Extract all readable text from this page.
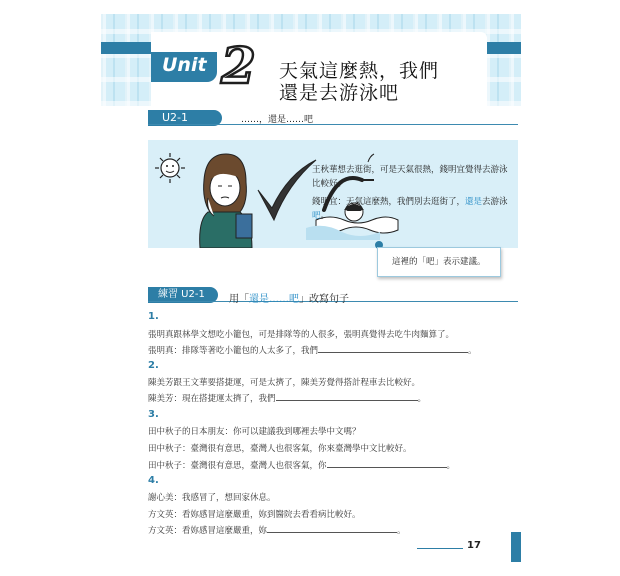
Unit 2 天氣這麼熱，我們
還是去游泳吧
U2-1	……，還是……吧
王秋華想去逛街，可是天氣很熱，錢明宜覺得去游泳比較好。
錢明宜：天氣這麼熱，我們別去逛街了，還是去游泳吧。
這裡的「吧」表示建議。
練習 U2-1	用「還是……吧」改寫句子
1.
張明真跟林學文想吃小籠包，可是排隊等的人很多，張明真覺得去吃牛肉麵算了。
張明真：排隊等著吃小籠包的人太多了，我們	。
2.
陳美芳跟王文華要搭捷運，可是太擠了，陳美芳覺得搭計程車去比較好。
陳美芳：現在搭捷運太擠了，我們	。
3.
田中秋子的日本朋友：你可以建議我到哪裡去學中文嗎？
田中秋子：臺灣很有意思，臺灣人也很客氣，你來臺灣學中文比較好。
田中秋子：臺灣很有意思，臺灣人也很客氣，你	。
4.
謝心美：我感冒了，想回家休息。
方文英：看妳感冒這麼嚴重，妳到醫院去看看病比較好。
方文英：看妳感冒這麼嚴重，妳	。
17
